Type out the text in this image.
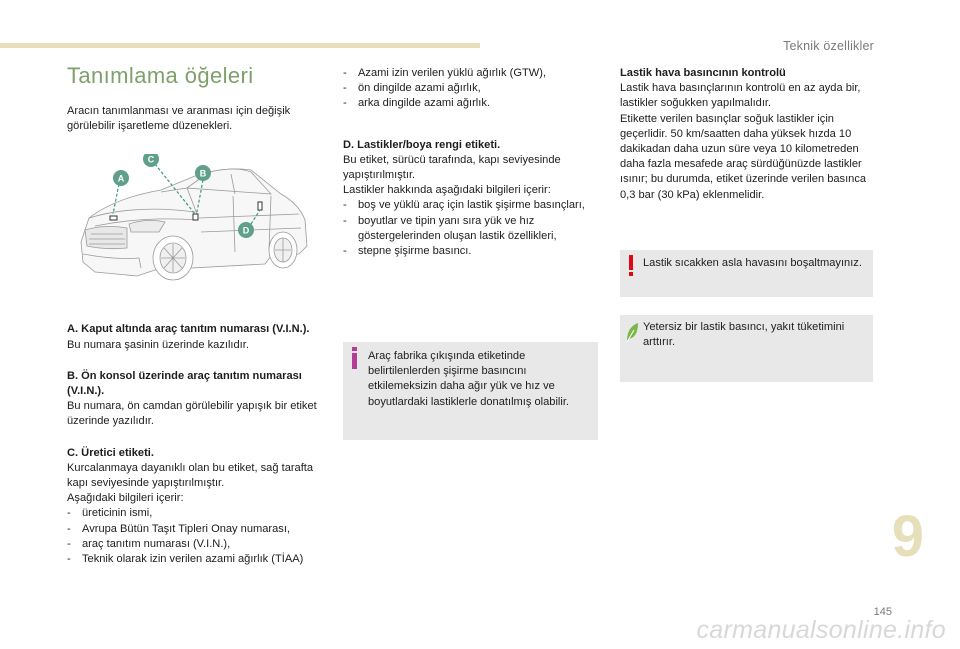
Teknik özellikler
Tanımlama öğeleri

Aracın tanımlanması ve aranması için değişik görülebilir işaretleme düzenekleri.

A	B
C
D

A. Kaput altında araç tanıtım numarası (V.I.N.).

Bu numara şasinin üzerinde kazılıdır.

B. Ön konsol üzerinde araç tanıtım numarası (V.I.N.).

Bu numara, ön camdan görülebilir yapışık bir etiket üzerinde yazılıdır.

C. Üretici etiketi.

Kurcalanmaya dayanıklı olan bu etiket, sağ tarafta kapı seviyesinde yapıştırılmıştır.

Aşağıdaki bilgileri içerir:

- üreticinin ismi,
- Avrupa Bütün Taşıt Tipleri Onay numarası,
- araç tanıtım numarası (V.I.N.),
- Teknik olarak izin verilen azami ağırlık (TİAA)
- Azami izin verilen yüklü ağırlık (GTW),
- ön dingilde azami ağırlık,
- arka dingilde azami ağırlık.

D. Lastikler/boya rengi etiketi.

Bu etiket, sürücü tarafında, kapı seviyesinde yapıştırılmıştır.

Lastikler hakkında aşağıdaki bilgileri içerir:

- boş ve yüklü araç için lastik şişirme basınçları,
- boyutlar ve tipin yanı sıra yük ve hız göstergelerinden oluşan lastik özellikleri,
- stepne şişirme basıncı.
Araç fabrika çıkışında etiketinde belirtilenlerden şişirme basıncını etkilemeksizin daha ağır yük ve hız ve boyutlardaki lastiklerle donatılmış olabilir.

Lastik hava basıncının kontrolü

Lastik hava basınçlarının kontrolü en az ayda bir, lastikler soğukken yapılmalıdır.
Etikette verilen basınçlar soğuk lastikler için geçerlidir. 50 km/saatten daha yüksek hızda 10 dakikadan daha uzun süre veya 10 kilometreden daha fazla mesafede araç sürdüğünüzde lastikler ısınır; bu durumda, etiket üzerinde verilen basınca 0,3 bar (30 kPa) eklenmelidir.

Lastik sıcakken asla havasını boşaltmayınız.
Yetersiz bir lastik basıncı, yakıt tüketimini arttırır.
9
145
carmanualsonline.info
